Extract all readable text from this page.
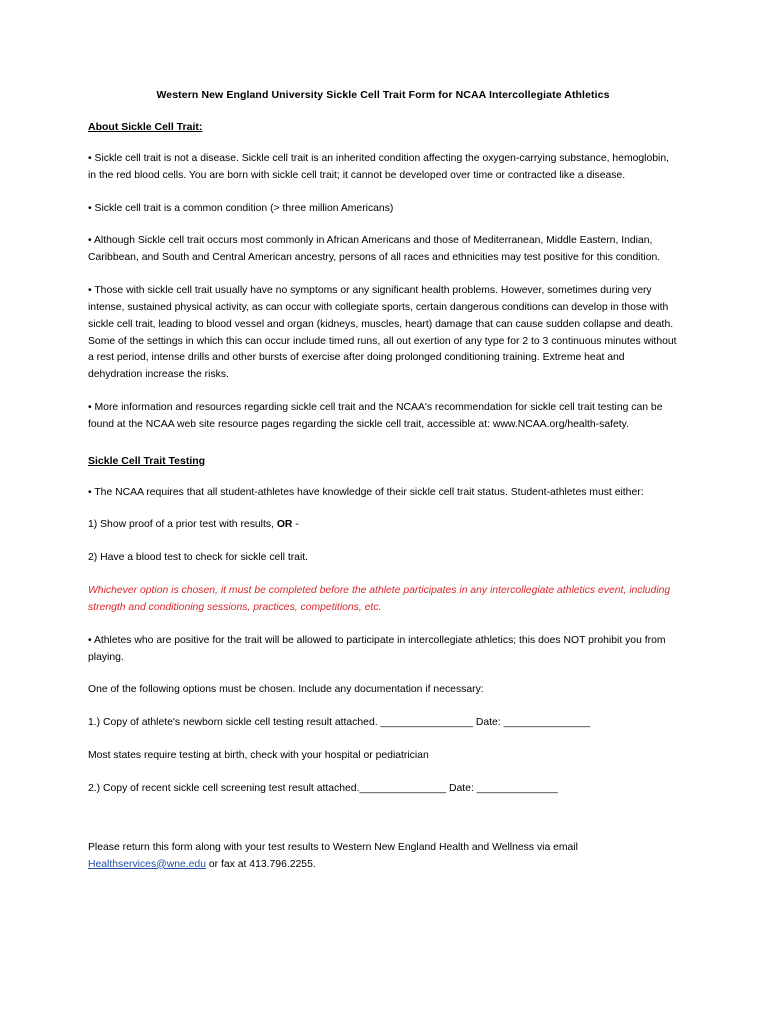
Western New England University Sickle Cell Trait Form for NCAA Intercollegiate Athletics
About Sickle Cell Trait:

• Sickle cell trait is not a disease. Sickle cell trait is an inherited condition affecting the oxygen-carrying substance, hemoglobin, in the red blood cells. You are born with sickle cell trait; it cannot be developed over time or contracted like a disease.

• Sickle cell trait is a common condition (> three million Americans)

• Although Sickle cell trait occurs most commonly in African Americans and those of Mediterranean, Middle Eastern, Indian, Caribbean, and South and Central American ancestry, persons of all races and ethnicities may test positive for this condition.

• Those with sickle cell trait usually have no symptoms or any significant health problems. However, sometimes during very intense, sustained physical activity, as can occur with collegiate sports, certain dangerous conditions can develop in those with sickle cell trait, leading to blood vessel and organ (kidneys, muscles, heart) damage that can cause sudden collapse and death. Some of the settings in which this can occur include timed runs, all out exertion of any type for 2 to 3 continuous minutes without a rest period, intense drills and other bursts of exercise after doing prolonged conditioning training. Extreme heat and dehydration increase the risks.

• More information and resources regarding sickle cell trait and the NCAA's recommendation for sickle cell trait testing can be found at the NCAA web site resource pages regarding the sickle cell trait, accessible at: www.NCAA.org/health-safety.

Sickle Cell Trait Testing

• The NCAA requires that all student-athletes have knowledge of their sickle cell trait status. Student-athletes must either:

1) Show proof of a prior test with results, OR -

2) Have a blood test to check for sickle cell trait.

Whichever option is chosen, it must be completed before the athlete participates in any intercollegiate athletics event, including strength and conditioning sessions, practices, competitions, etc.

• Athletes who are positive for the trait will be allowed to participate in intercollegiate athletics; this does NOT prohibit you from playing.

One of the following options must be chosen. Include any documentation if necessary:

1.) Copy of athlete's newborn sickle cell testing result attached. ________________ Date: _______________

Most states require testing at birth, check with your hospital or pediatrician

2.) Copy of recent sickle cell screening test result attached._______________ Date: ______________

Please return this form along with your test results to Western New England Health and Wellness via email Healthservices@wne.edu or fax at 413.796.2255.
